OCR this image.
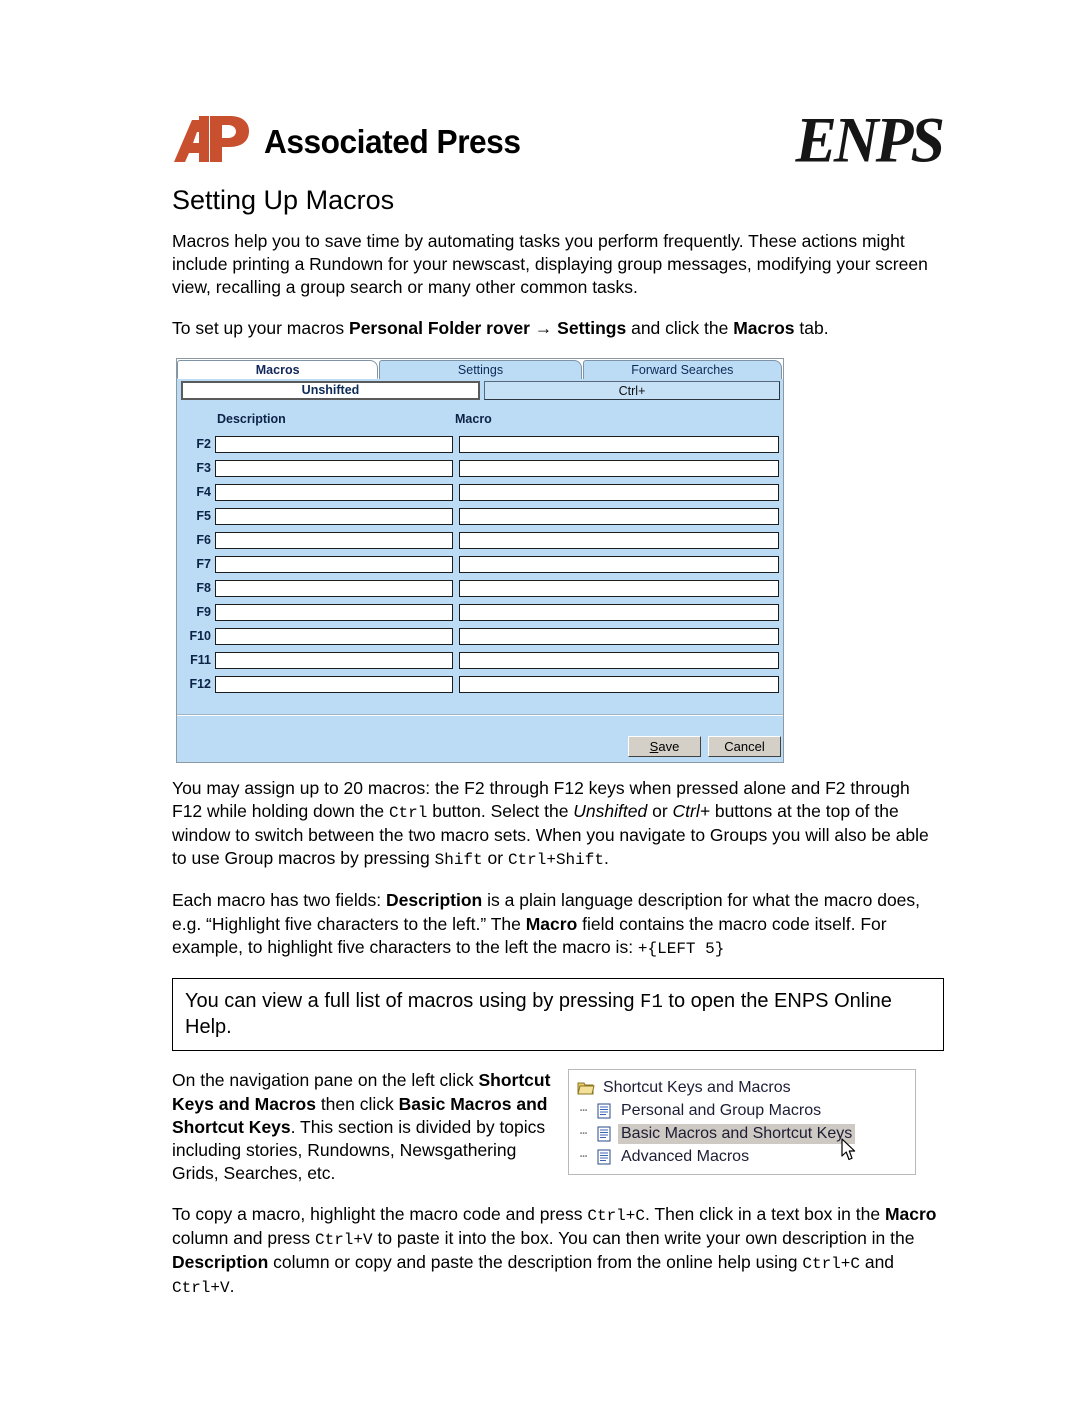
Associated Press	ENPS
Setting Up Macros

Macros help you to save time by automating tasks you perform frequently. These actions might include printing a Rundown for your newscast, displaying group messages, modifying your screen view, recalling a group search or many other common tasks.

To set up your macros Personal Folder rover → Settings and click the Macros tab.

Macros	Settings	Forward Searches
Unshifted	Ctrl+
Description	Macro
F2
F3
F4
F5
F6
F7
F8
F9
F10
F11
F12
Save	Cancel

You may assign up to 20 macros: the F2 through F12 keys when pressed alone and F2 through F12 while holding down the Ctrl button. Select the Unshifted or Ctrl+ buttons at the top of the window to switch between the two macro sets. When you navigate to Groups you will also be able to use Group macros by pressing Shift or Ctrl+Shift.

Each macro has two fields: Description is a plain language description for what the macro does, e.g. “Highlight five characters to the left.” The Macro field contains the macro code itself. For example, to highlight five characters to the left the macro is: +{LEFT 5}

You can view a full list of macros using by pressing F1 to open the ENPS Online Help.
On the navigation pane on the left click Shortcut Keys and Macros then click Basic Macros and Shortcut Keys. This section is divided by topics including stories, Rundowns, Newsgathering Grids, Searches, etc.
Shortcut Keys and Macros
⋯	Personal and Group Macros
⋯	Basic Macros and Shortcut Keys
⋯	Advanced Macros

To copy a macro, highlight the macro code and press Ctrl+C. Then click in a text box in the Macro column and press Ctrl+V to paste it into the box. You can then write your own description in the Description column or copy and paste the description from the online help using Ctrl+C and Ctrl+V.
